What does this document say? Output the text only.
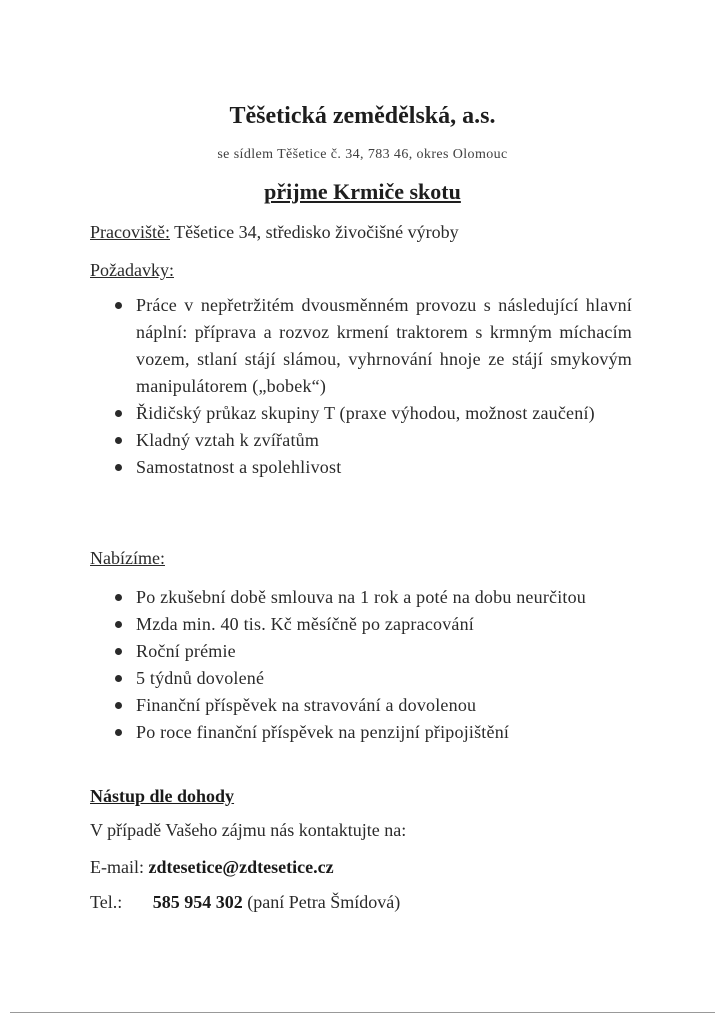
Těšetická zemědělská, a.s.
se sídlem Těšetice č. 34, 783 46, okres Olomouc
přijme Krmiče skotu
Pracoviště: Těšetice 34, středisko živočišné výroby
Požadavky:
Práce v nepřetržitém dvousměnném provozu s následující hlavní náplní: příprava a rozvoz krmení traktorem s krmným míchacím vozem, stlaní stájí slámou, vyhrnování hnoje ze stájí smykovým manipulátorem („bobek“)
Řidičský průkaz skupiny T (praxe výhodou, možnost zaučení)
Kladný vztah k zvířatům
Samostatnost a spolehlivost
Nabízíme:
Po zkušební době smlouva na 1 rok a poté na dobu neurčitou
Mzda min. 40 tis. Kč měsíčně po zapracování
Roční prémie
5 týdnů dovolené
Finanční příspěvek na stravování a dovolenou
Po roce finanční příspěvek na penzijní připojištění
Nástup dle dohody
V případě Vašeho zájmu nás kontaktujte na:
E-mail: zdtesetice@zdtesetice.cz
Tel.: 585 954 302 (paní Petra Šmídová)
